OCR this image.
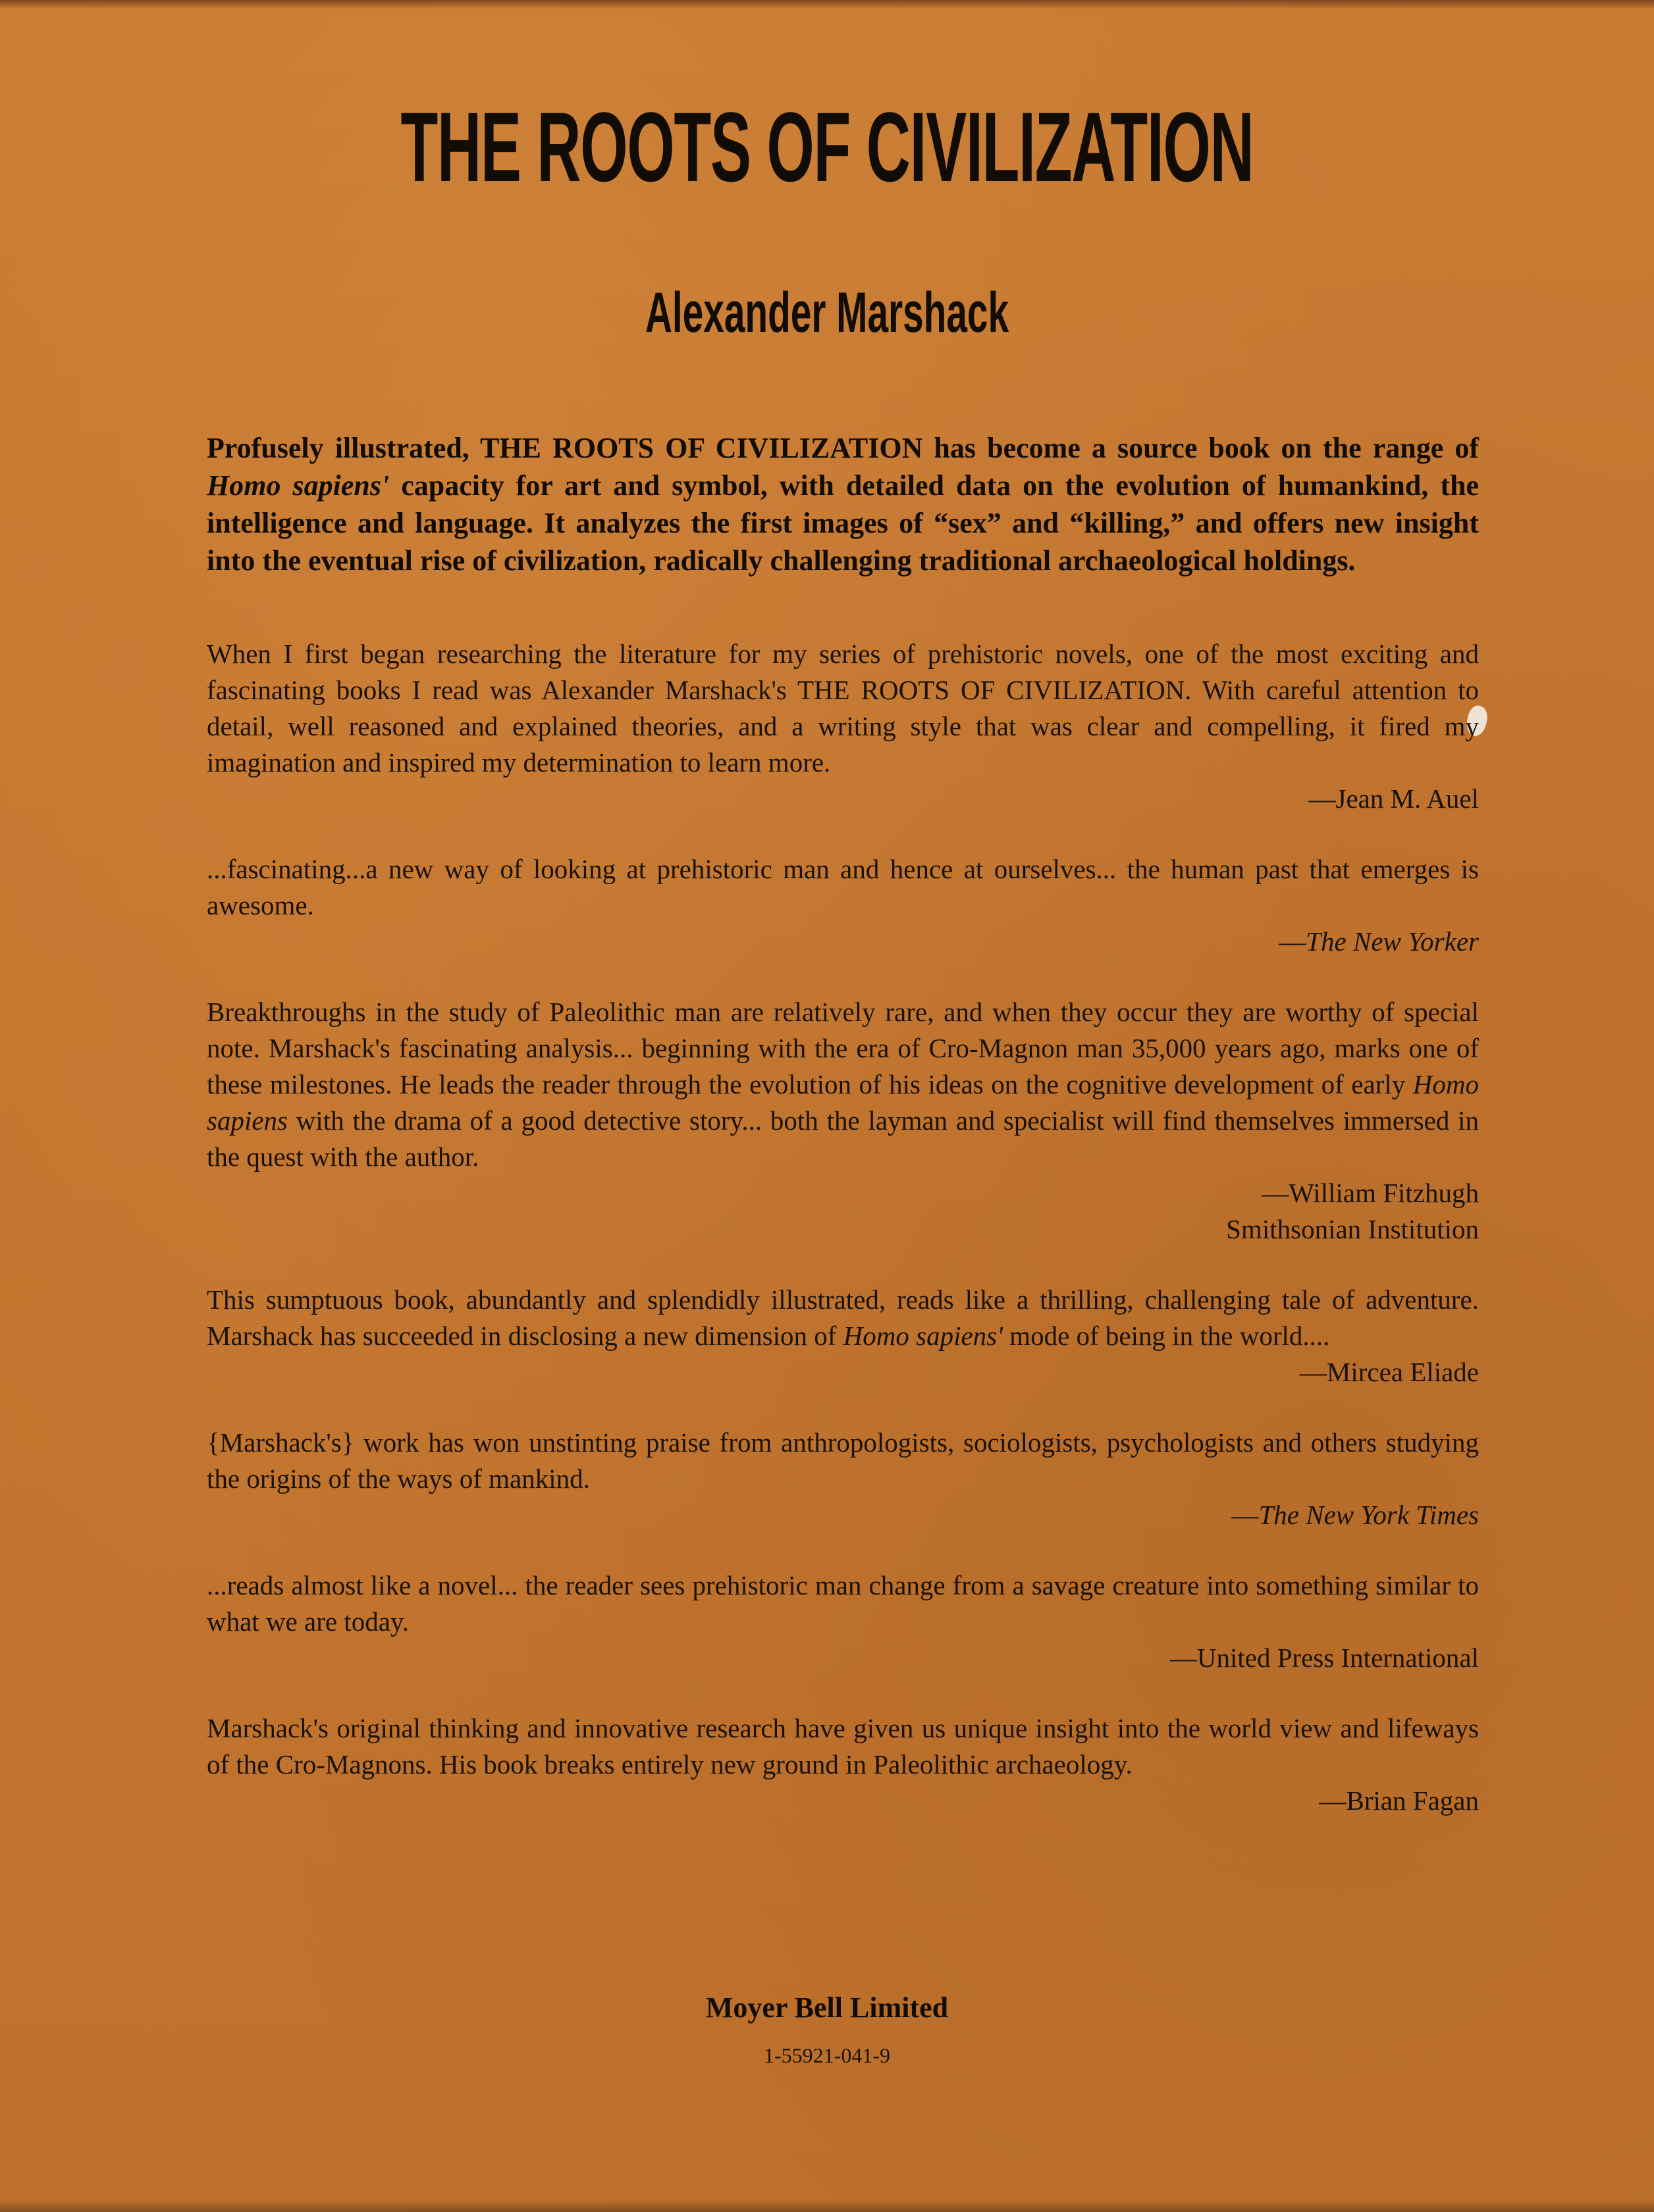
THE ROOTS OF CIVILIZATION
Alexander Marshack

Profusely illustrated, THE ROOTS OF CIVILIZATION has become a source book on the range of Homo sapiens' capacity for art and symbol, with detailed data on the evolution of humankind, the intelligence and language. It analyzes the first images of “sex” and “killing,” and offers new insight into the eventual rise of civilization, radically challenging traditional archaeological holdings.

When I first began researching the literature for my series of prehistoric novels, one of the most exciting and fascinating books I read was Alexander Marshack's THE ROOTS OF CIVILIZATION. With careful attention to detail, well reasoned and explained theories, and a writing style that was clear and compelling, it fired my imagination and inspired my determination to learn more.

—Jean M. Auel

...fascinating...a new way of looking at prehistoric man and hence at ourselves... the human past that emerges is awesome.

—The New Yorker

Breakthroughs in the study of Paleolithic man are relatively rare, and when they occur they are worthy of special note. Marshack's fascinating analysis... beginning with the era of Cro-Magnon man 35,000 years ago, marks one of these milestones. He leads the reader through the evolution of his ideas on the cognitive development of early Homo sapiens with the drama of a good detective story... both the layman and specialist will find themselves immersed in the quest with the author.

—William Fitzhugh

Smithsonian Institution

This sumptuous book, abundantly and splendidly illustrated, reads like a thrilling, challenging tale of adventure. Marshack has succeeded in disclosing a new dimension of Homo sapiens' mode of being in the world....

—Mircea Eliade

{Marshack's} work has won unstinting praise from anthropologists, sociologists, psychologists and others studying the origins of the ways of mankind.

—The New York Times

...reads almost like a novel... the reader sees prehistoric man change from a savage creature into something similar to what we are today.

—United Press International

Marshack's original thinking and innovative research have given us unique insight into the world view and lifeways of the Cro-Magnons. His book breaks entirely new ground in Paleolithic archaeology.

—Brian Fagan

Moyer Bell Limited
1-55921-041-9
